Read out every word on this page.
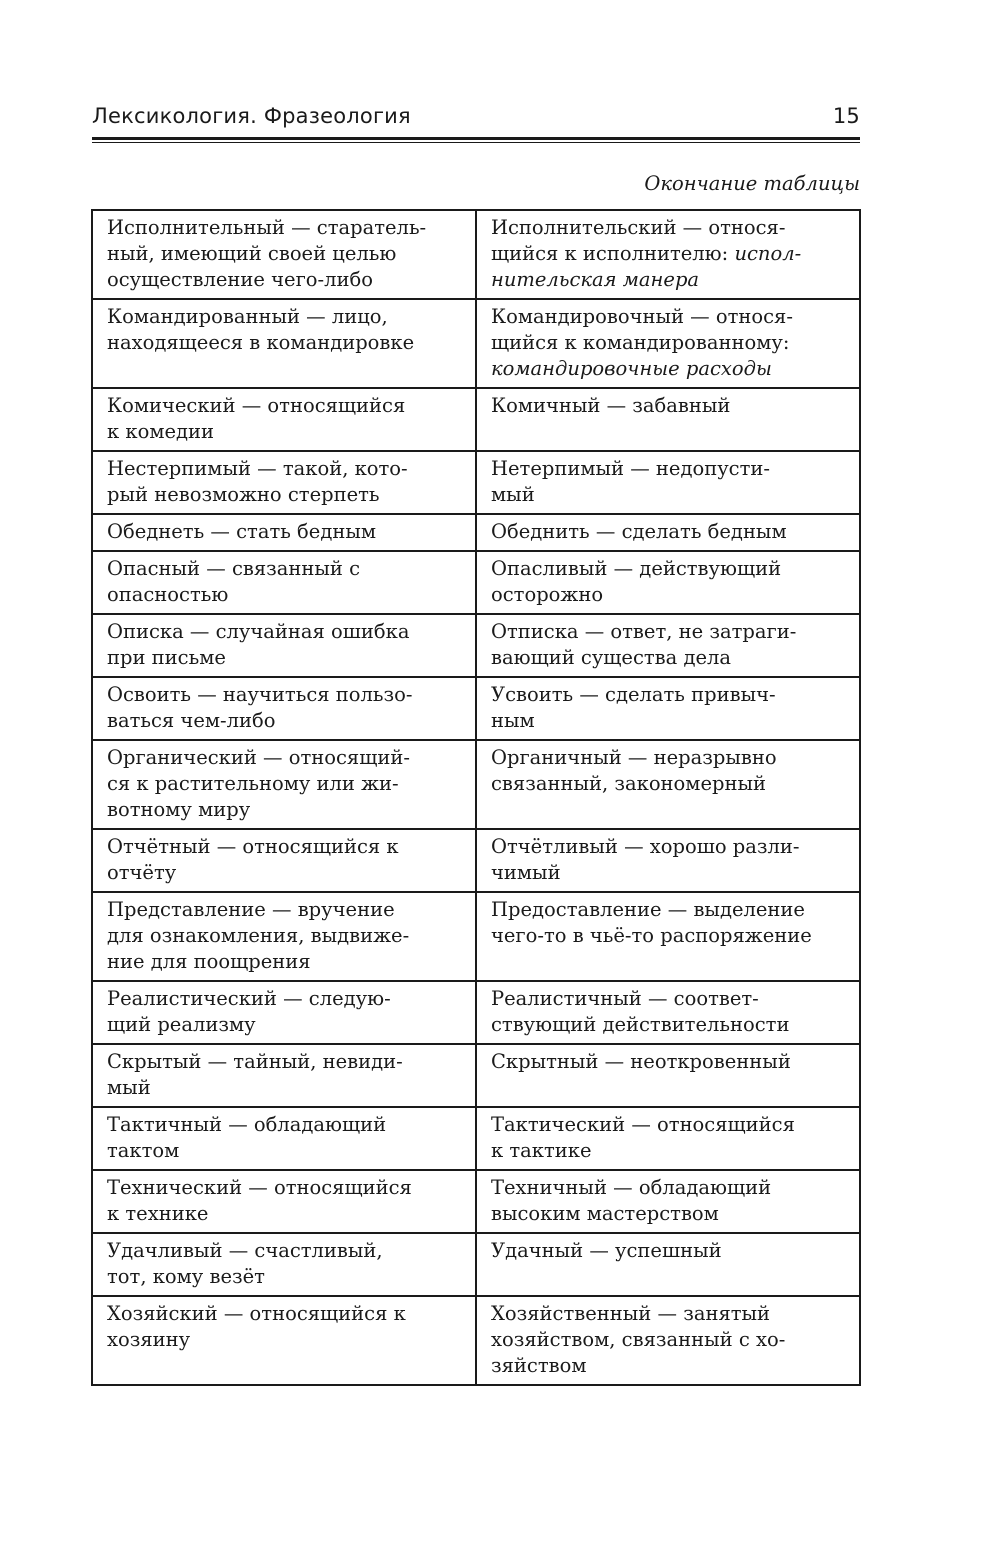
Лексикология. Фразеология	15
Окончание таблицы
Исполнительный — старатель-
ный, имеющий своей целью
осуществление чего-либо	Исполнительский — относя-
щийся к исполнителю: испол-
нительская манера

Командированный — лицо,
находящееся в командировке	Командировочный — относя-
щийся к командированному:
командировочные расходы

Комический — относящийся
к комедии	Комичный — забавный

Нестерпимый — такой, кото-
рый невозможно стерпеть	Нетерпимый — недопусти-
мый

Обеднеть — стать бедным	Обеднить — сделать бедным

Опасный — связанный с
опасностью	Опасливый — действующий
осторожно

Описка — случайная ошибка
при письме	Отписка — ответ, не затраги-
вающий существа дела

Освоить — научиться пользо-
ваться чем-либо	Усвоить — сделать привыч-
ным

Органический — относящий-
ся к растительному или жи-
вотному миру	Органичный — неразрывно
связанный, закономерный

Отчётный — относящийся к
отчёту	Отчётливый — хорошо разли-
чимый

Представление — вручение
для ознакомления, выдвиже-
ние для поощрения	Предоставление — выделение
чего-то в чьё-то распоряжение

Реалистический — следую-
щий реализму	Реалистичный — соответ-
ствующий действительности

Скрытый — тайный, невиди-
мый	Скрытный — неоткровенный

Тактичный — обладающий
тактом	Тактический — относящийся
к тактике

Технический — относящийся
к технике	Техничный — обладающий
высоким мастерством

Удачливый — счастливый,
тот, кому везёт	Удачный — успешный

Хозяйский — относящийся к
хозяину	Хозяйственный — занятый
хозяйством, связанный с хо-
зяйством
